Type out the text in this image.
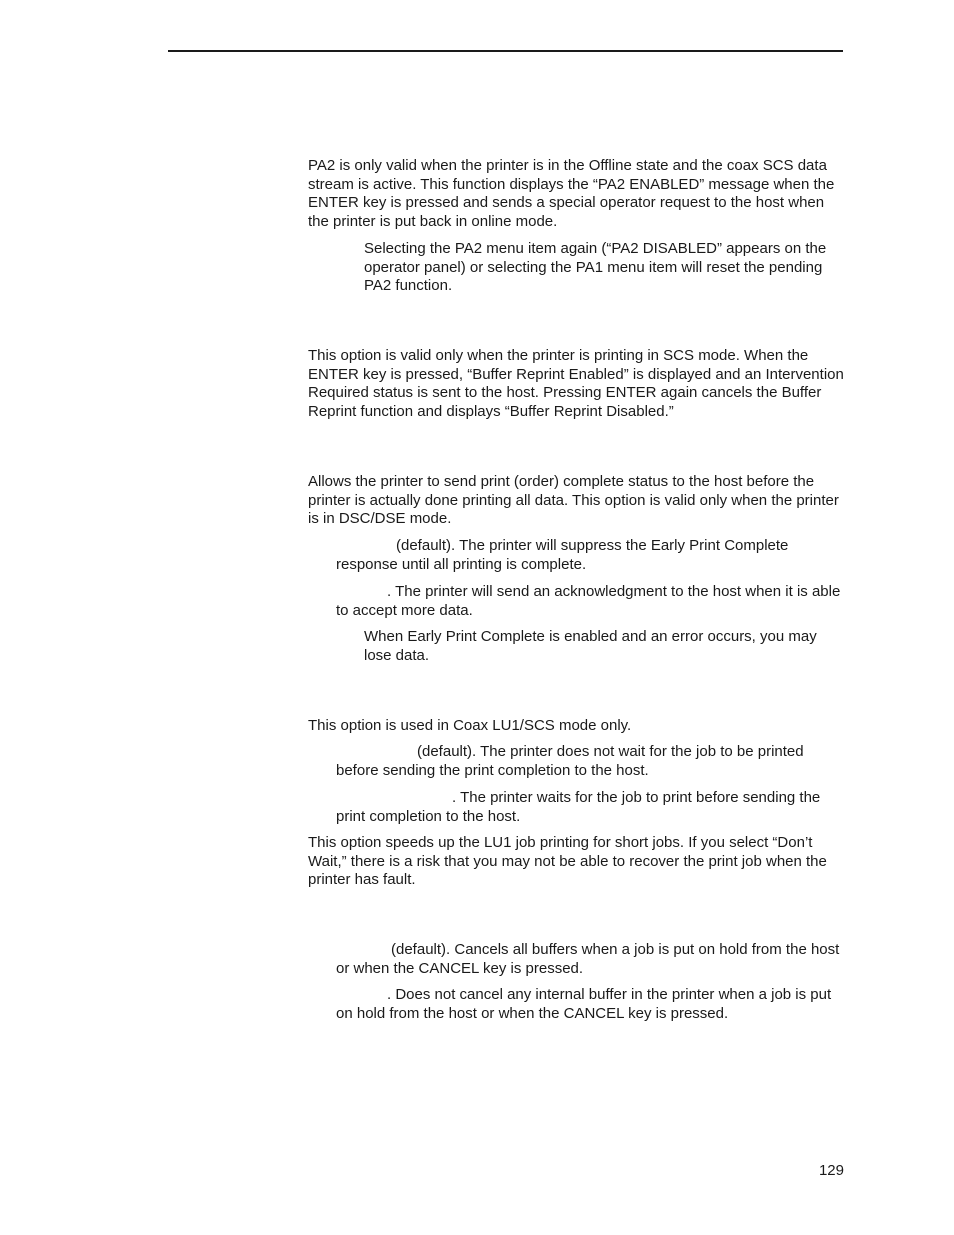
PA2 is only valid when the printer is in the Offline state and the coax SCS data stream is active. This function displays the “PA2 ENABLED” message when the ENTER key is pressed and sends a special operator request to the host when the printer is put back in online mode.

Selecting the PA2 menu item again (“PA2 DISABLED” appears on the operator panel) or selecting the PA1 menu item will reset the pending PA2 function.

This option is valid only when the printer is printing in SCS mode. When the ENTER key is pressed, “Buffer Reprint Enabled” is displayed and an Intervention Required status is sent to the host. Pressing ENTER again cancels the Buffer Reprint function and displays “Buffer Reprint Disabled.”

Allows the printer to send print (order) complete status to the host before the printer is actually done printing all data. This option is valid only when the printer is in DSC/DSE mode.

(default). The printer will suppress the Early Print Complete response until all printing is complete.

. The printer will send an acknowledgment to the host when it is able to accept more data.

When Early Print Complete is enabled and an error occurs, you may lose data.

This option is used in Coax LU1/SCS mode only.

(default). The printer does not wait for the job to be printed before sending the print completion to the host.

. The printer waits for the job to print before sending the print completion to the host.

This option speeds up the LU1 job printing for short jobs. If you select “Don’t Wait,” there is a risk that you may not be able to recover the print job when the printer has fault.

(default). Cancels all buffers when a job is put on hold from the host or when the CANCEL key is pressed.

. Does not cancel any internal buffer in the printer when a job is put on hold from the host or when the CANCEL key is pressed.

129
